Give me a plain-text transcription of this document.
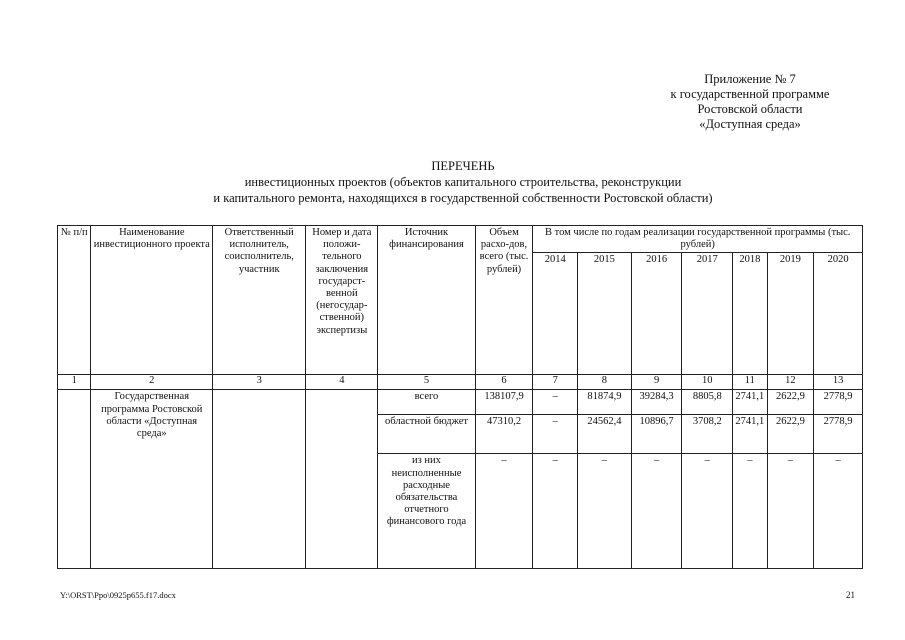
Приложение № 7
к государственной программе
Ростовской области
«Доступная среда»
ПЕРЕЧЕНЬ
инвестиционных проектов (объектов капитального строительства, реконструкции
и капитального ремонта, находящихся в государственной собственности Ростовской области)
№ п/п	Наименование инвестиционного проекта	Ответственный исполнитель, соисполнитель, участник	Номер и дата положи-тельного заключения государст-венной (негосудар-ственной) экспертизы	Источник финансирования	Объем расхо-дов, всего (тыс. рублей)	В том числе по годам реализации государственной программы (тыс. рублей)						
						2014	2015	2016	2017	2018	2019	2020
1	2	3	4	5	6	7	8	9	10	11	12	13
	Государственная программа Ростовской области «Доступная среда»			всего	138107,9	–	81874,9	39284,3	8805,8	2741,1	2622,9	2778,9
				областной бюджет	47310,2	–	24562,4	10896,7	3708,2	2741,1	2622,9	2778,9
				из них неисполненные расходные обязательства отчетного финансового года	–	–	–	–	–	–	–	–
Y:\ORST\Ppo\0925p655.f17.docx	21
